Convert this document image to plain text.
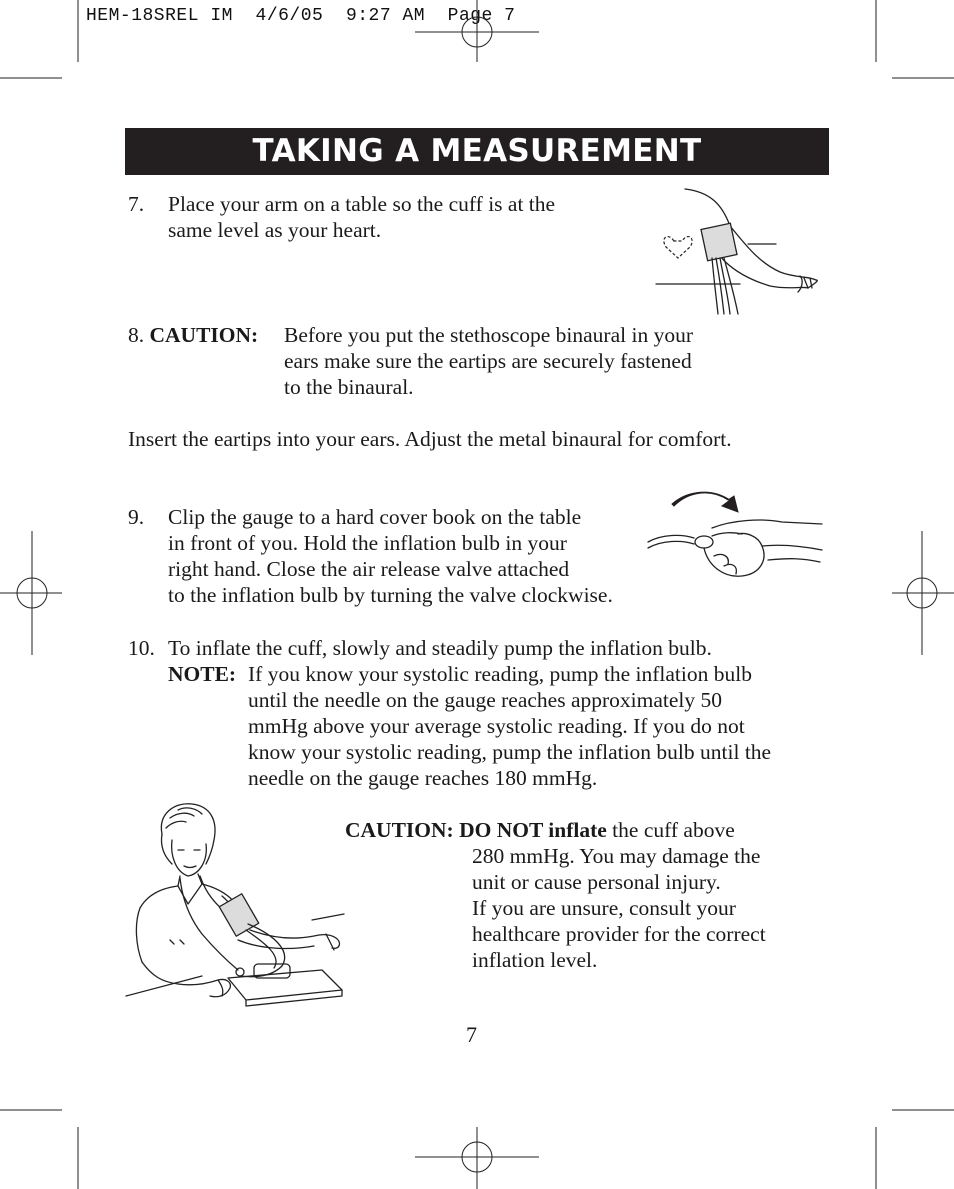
HEM-18SREL IM  4/6/05  9:27 AM  Page 7
TAKING A MEASUREMENT
7. Place your arm on a table so the cuff is at the
same level as your heart.
8. CAUTION: Before you put the stethoscope binaural in your
ears make sure the eartips are securely fastened
to the binaural.
Insert the eartips into your ears. Adjust the metal binaural for comfort.
9. Clip the gauge to a hard cover book on the table
in front of you. Hold the inflation bulb in your
right hand. Close the air release valve attached
to the inflation bulb by turning the valve clockwise.
10. To inflate the cuff, slowly and steadily pump the inflation bulb.
NOTE: If you know your systolic reading, pump the inflation bulb
until the needle on the gauge reaches approximately 50
mmHg above your average systolic reading. If you do not
know your systolic reading, pump the inflation bulb until the
needle on the gauge reaches 180 mmHg.
CAUTION: DO NOT inflate the cuff above
280 mmHg. You may damage the
unit or cause personal injury.
If you are unsure, consult your
healthcare provider for the correct
inflation level.
7
